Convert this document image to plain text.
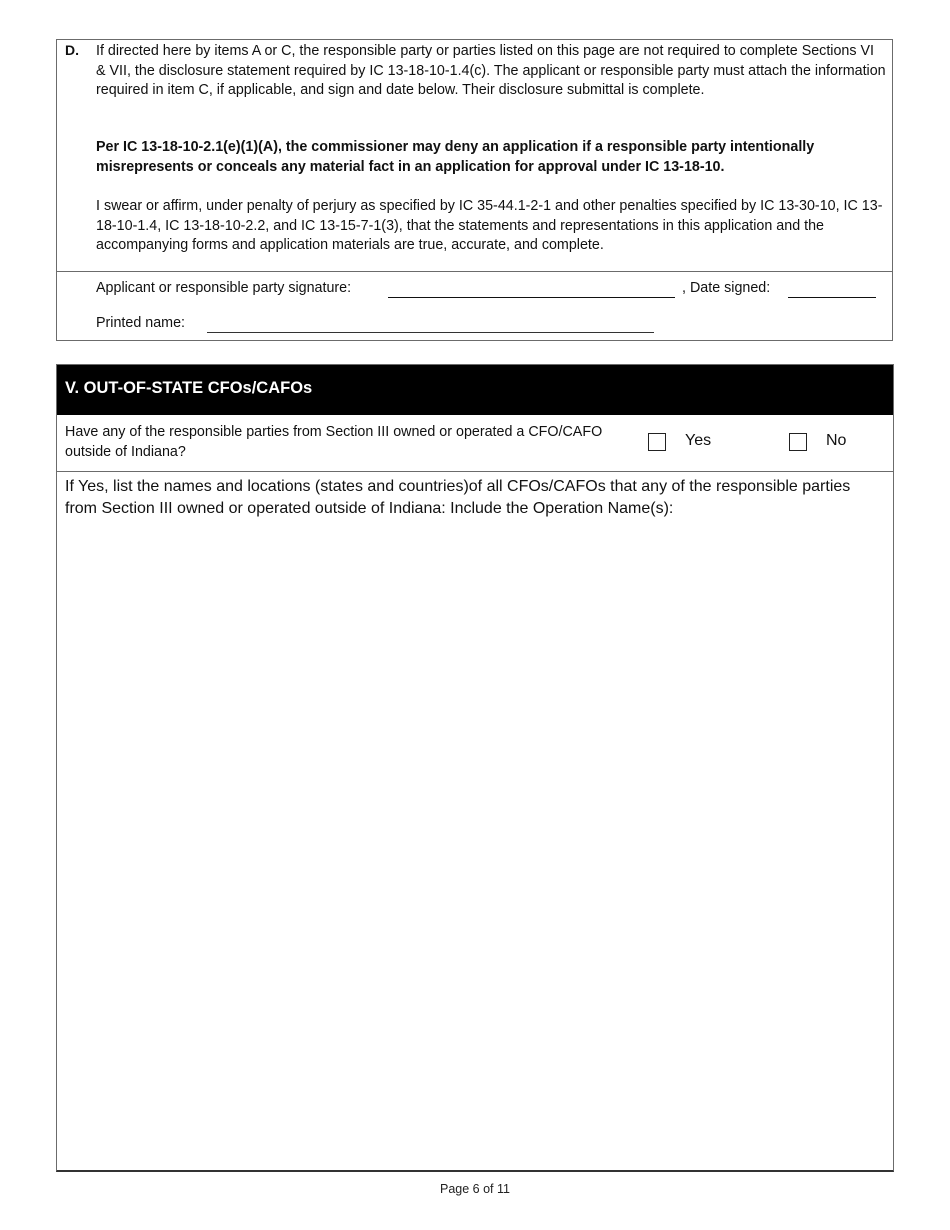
D. If directed here by items A or C, the responsible party or parties listed on this page are not required to complete Sections VI & VII, the disclosure statement required by IC 13-18-10-1.4(c). The applicant or responsible party must attach the information required in item C, if applicable, and sign and date below. Their disclosure submittal is complete.
Per IC 13-18-10-2.1(e)(1)(A), the commissioner may deny an application if a responsible party intentionally misrepresents or conceals any material fact in an application for approval under IC 13-18-10.
I swear or affirm, under penalty of perjury as specified by IC 35-44.1-2-1 and other penalties specified by IC 13-30-10, IC 13-18-10-1.4, IC 13-18-10-2.2, and IC 13-15-7-1(3), that the statements and representations in this application and the accompanying forms and application materials are true, accurate, and complete.
Applicant or responsible party signature:	, Date signed:
Printed name:
V. OUT-OF-STATE CFOs/CAFOs
Have any of the responsible parties from Section III owned or operated a CFO/CAFO outside of Indiana?
Yes	No
If Yes, list the names and locations (states and countries)of all CFOs/CAFOs that any of the responsible parties from Section III owned or operated outside of Indiana: Include the Operation Name(s):
Page 6 of 11
